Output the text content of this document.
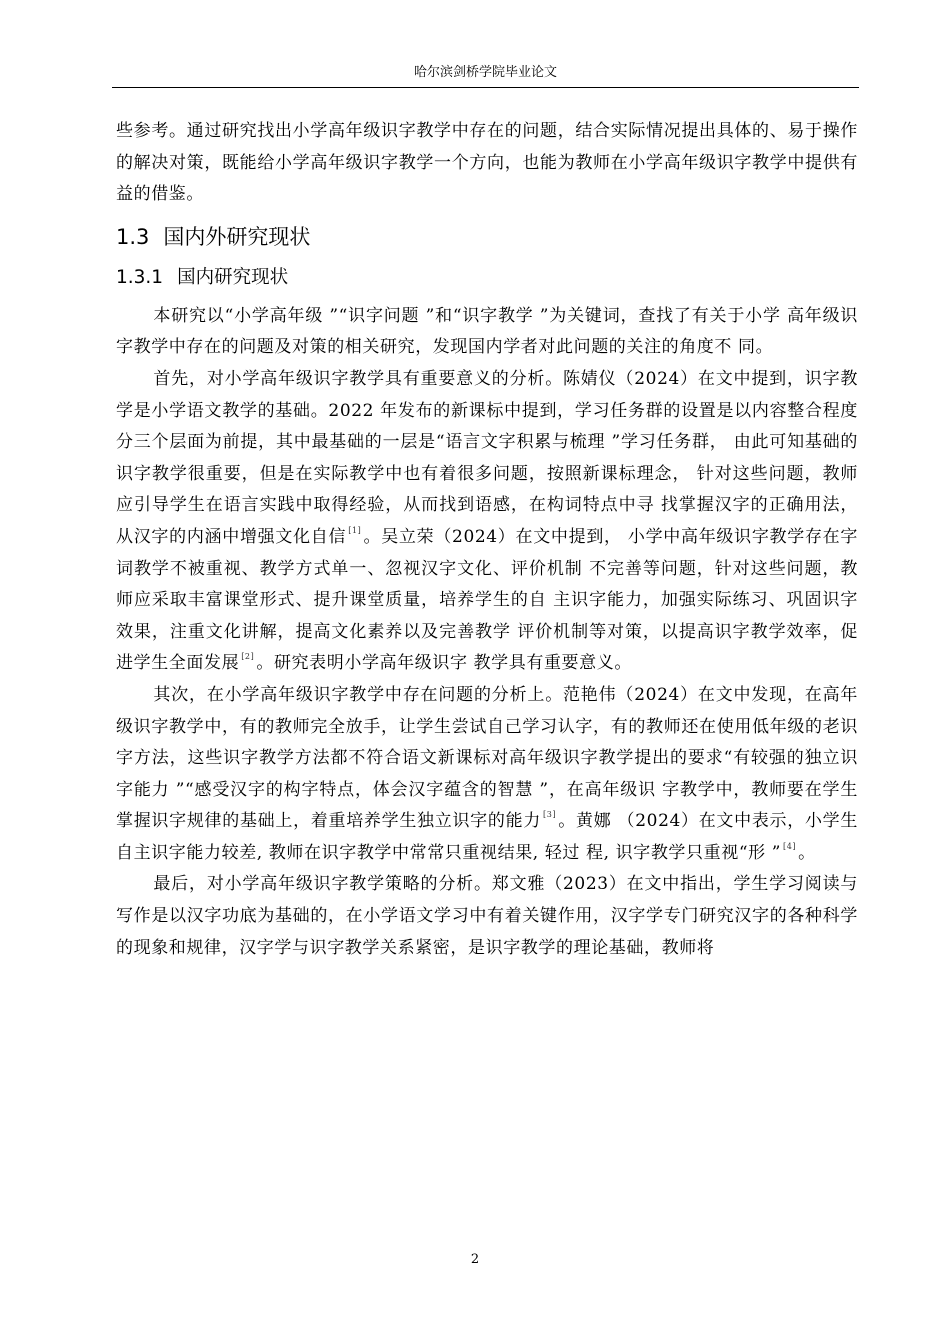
哈尔滨剑桥学院毕业论文

些参考。通过研究找出小学高年级识字教学中存在的问题，结合实际情况提出具体的、易于操作的解决对策，既能给小学高年级识字教学一个方向，也能为教师在小学高年级识字教学中提供有益的借鉴。

1.3 国内外研究现状
1.3.1 国内研究现状

本研究以“小学高年级 ”“识字问题 ”和“识字教学 ”为关键词，查找了有关于小学 高年级识字教学中存在的问题及对策的相关研究，发现国内学者对此问题的关注的角度不 同。

首先，对小学高年级识字教学具有重要意义的分析。陈婧仪（2024）在文中提到，识字教学是小学语文教学的基础。2022 年发布的新课标中提到，学习任务群的设置是以内容整合程度分三个层面为前提，其中最基础的一层是“语言文字积累与梳理 ”学习任务群， 由此可知基础的识字教学很重要，但是在实际教学中也有着很多问题，按照新课标理念， 针对这些问题，教师应引导学生在语言实践中取得经验，从而找到语感，在构词特点中寻 找掌握汉字的正确用法，从汉字的内涵中增强文化自信 [1] 。吴立荣（2024）在文中提到， 小学中高年级识字教学存在字词教学不被重视、教学方式单一、忽视汉字文化、评价机制 不完善等问题，针对这些问题，教师应采取丰富课堂形式、提升课堂质量，培养学生的自 主识字能力，加强实际练习、巩固识字效果，注重文化讲解，提高文化素养以及完善教学 评价机制等对策，以提高识字教学效率，促进学生全面发展 [2] 。研究表明小学高年级识字 教学具有重要意义。

其次，在小学高年级识字教学中存在问题的分析上。范艳伟（2024）在文中发现，在高年级识字教学中，有的教师完全放手，让学生尝试自己学习认字，有的教师还在使用低年级的老识字方法，这些识字教学方法都不符合语文新课标对高年级识字教学提出的要求“有较强的独立识字能力 ”“感受汉字的构字特点，体会汉字蕴含的智慧 ”，在高年级识 字教学中，教师要在学生掌握识字规律的基础上，着重培养学生独立识字的能力 [3] 。黄娜 （2024）在文中表示，小学生自主识字能力较差, 教师在识字教学中常常只重视结果, 轻过 程, 识字教学只重视“形 ” [4] 。

最后，对小学高年级识字教学策略的分析。郑文雅（2023）在文中指出，学生学习阅读与写作是以汉字功底为基础的，在小学语文学习中有着关键作用，汉字学专门研究汉字的各种科学的现象和规律，汉字学与识字教学关系紧密，是识字教学的理论基础，教师将

2
